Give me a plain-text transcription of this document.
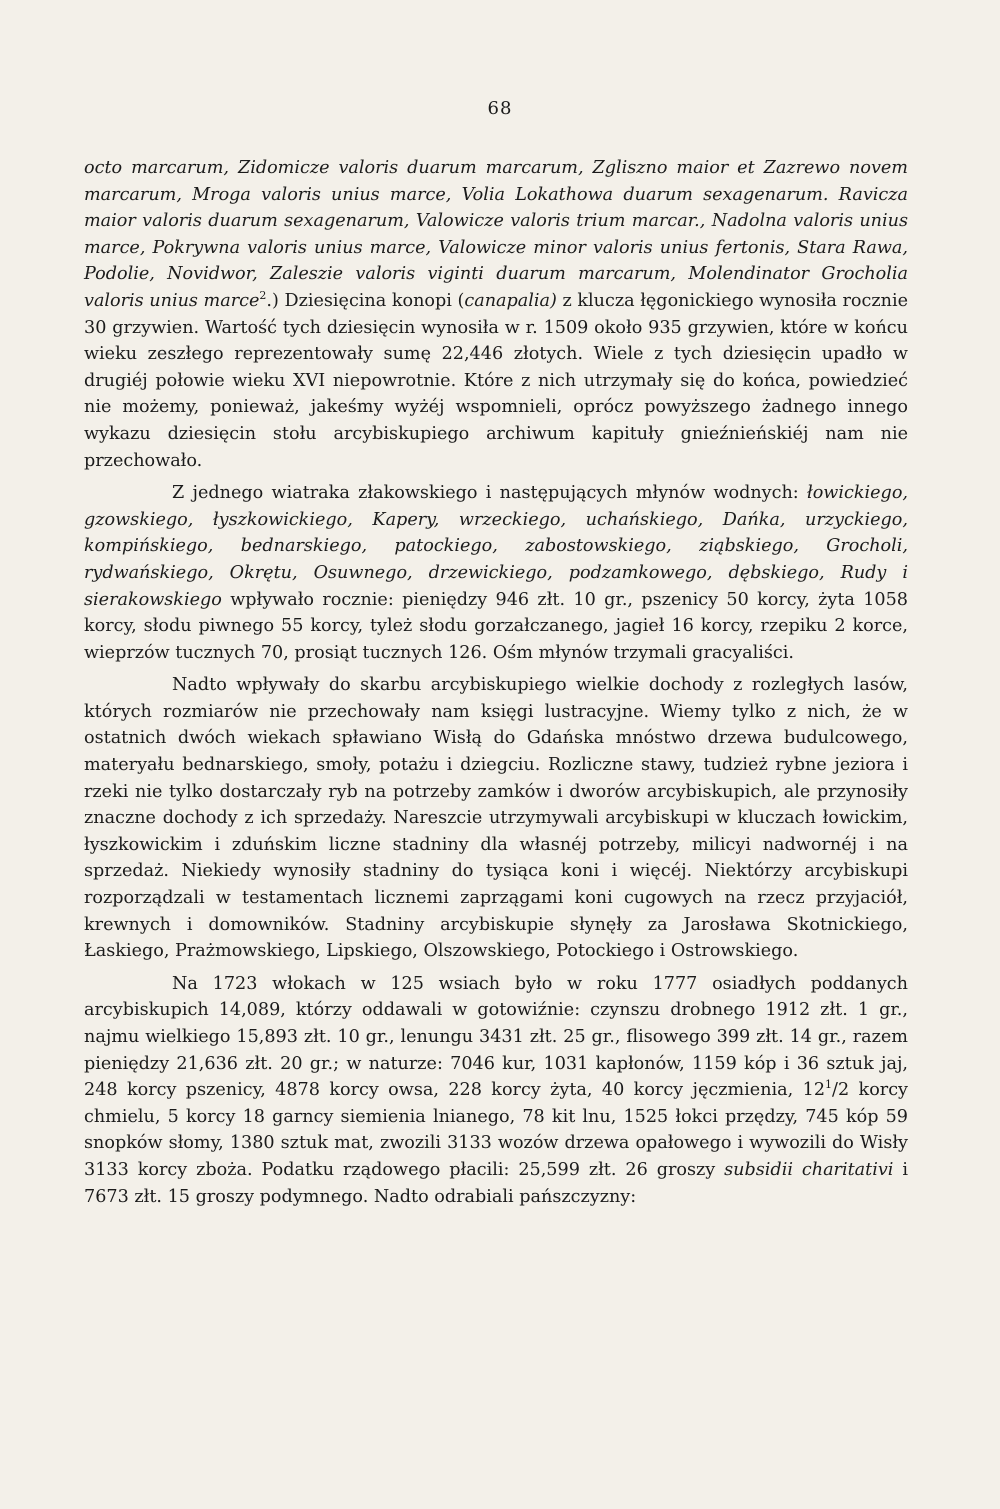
68

octo marcarum, Zidomicze valoris duarum marcarum, Zgliszno maior et Zazrewo novem marcarum, Mroga valoris unius marce, Volia Lokathowa duarum sexagenarum. Ravicza maior valoris duarum sexagenarum, Valowicze valoris trium marcar., Nadolna valoris unius marce, Pokrywna valoris unius marce, Valowicze minor valoris unius fertonis, Stara Rawa, Podolie, Novidwor, Zaleszie valoris viginti duarum marcarum, Molendinator Grocholia valoris unius marce$^2$.) Dziesięcina konopi (canapalia) z klucza łęgonickiego wynosiła rocznie 30 grzywien. Wartość tych dziesięcin wynosiła w r. 1509 około 935 grzywien, które w końcu wieku zeszłego reprezentowały sumę 22,446 złotych. Wiele z tych dziesięcin upadło w drugiéj połowie wieku XVI niepowrotnie. Które z nich utrzymały się do końca, powiedzieć nie możemy, ponieważ, jakeśmy wyżéj wspomnieli, oprócz powyższego żadnego innego wykazu dziesięcin stołu arcybiskupiego archiwum kapituły gnieźnieńskiéj nam nie przechowało.

Z jednego wiatraka złakowskiego i następujących młynów wodnych: łowickiego, gzowskiego, łyszkowickiego, Kapery, wrzeckiego, uchańskiego, Dańka, urzyckiego, kompińskiego, bednarskiego, patockiego, zabostowskiego, ziąbskiego, Grocholi, rydwańskiego, Okrętu, Osuwnego, drzewickiego, podzamkowego, dębskiego, Rudy i sierakowskiego wpływało rocznie: pieniędzy 946 złt. 10 gr., pszenicy 50 korcy, żyta 1058 korcy, słodu piwnego 55 korcy, tyleż słodu gorzałczanego, jagieł 16 korcy, rzepiku 2 korce, wieprzów tucznych 70, prosiąt tucznych 126. Ośm młynów trzymali gracyaliści.

Nadto wpływały do skarbu arcybiskupiego wielkie dochody z rozległych lasów, których rozmiarów nie przechowały nam księgi lustracyjne. Wiemy tylko z nich, że w ostatnich dwóch wiekach spławiano Wisłą do Gdańska mnóstwo drzewa budulcowego, materyału bednarskiego, smoły, potażu i dziegciu. Rozliczne stawy, tudzież rybne jeziora i rzeki nie tylko dostarczały ryb na potrzeby zamków i dworów arcybiskupich, ale przynosiły znaczne dochody z ich sprzedaży. Nareszcie utrzymywali arcybiskupi w kluczach łowickim, łyszkowickim i zduńskim liczne stadniny dla własnéj potrzeby, milicyi nadwornéj i na sprzedaż. Niekiedy wynosiły stadniny do tysiąca koni i więcéj. Niektórzy arcybiskupi rozporządzali w testamentach licznemi zaprzągami koni cugowych na rzecz przyjaciół, krewnych i domowników. Stadniny arcybiskupie słynęły za Jarosława Skotnickiego, Łaskiego, Prażmowskiego, Lipskiego, Olszowskiego, Potockiego i Ostrowskiego.

Na 1723 włokach w 125 wsiach było w roku 1777 osiadłych poddanych arcybiskupich 14,089, którzy oddawali w gotowiźnie: czynszu drobnego 1912 złt. 1 gr., najmu wielkiego 15,893 złt. 10 gr., lenungu 3431 złt. 25 gr., flisowego 399 złt. 14 gr., razem pieniędzy 21,636 złt. 20 gr.; w naturze: 7046 kur, 1031 kapłonów, 1159 kóp i 36 sztuk jaj, 248 korcy pszenicy, 4878 korcy owsa, 228 korcy żyta, 40 korcy jęczmienia, $12^1/2$ korcy chmielu, 5 korcy 18 garncy siemienia lnianego, 78 kit lnu, 1525 łokci przędzy, 745 kóp 59 snopków słomy, 1380 sztuk mat, zwozili 3133 wozów drzewa opałowego i wywozili do Wisły 3133 korcy zboża. Podatku rządowego płacili: 25,599 złt. 26 groszy subsidii charitativi i 7673 złt. 15 groszy podymnego. Nadto odrabiali pańszczyzny:
